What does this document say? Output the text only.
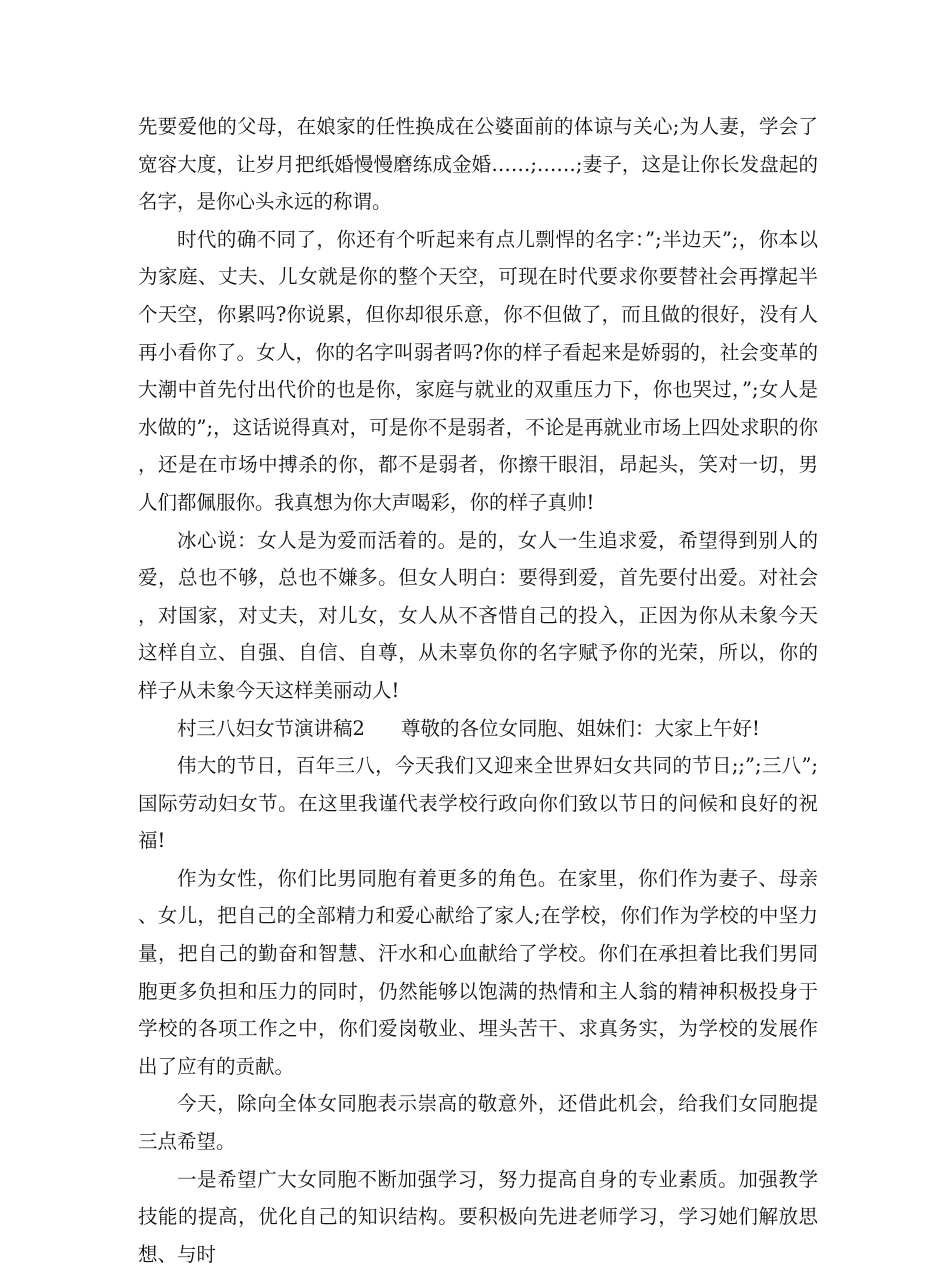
先要爱他的父母，在娘家的任性换成在公婆面前的体谅与关心;为人妻，学会了宽容大度，让岁月把纸婚慢慢磨练成金婚……;……;妻子，这是让你长发盘起的名字，是你心头永远的称谓。

时代的确不同了，你还有个听起来有点儿剽悍的名字：”;半边天”;，你本以为家庭、丈夫、儿女就是你的整个天空，可现在时代要求你要替社会再撑起半个天空，你累吗?你说累，但你却很乐意，你不但做了，而且做的很好，没有人再小看你了。女人，你的名字叫弱者吗?你的样子看起来是娇弱的，社会变革的大潮中首先付出代价的也是你，家庭与就业的双重压力下，你也哭过，”;女人是水做的”;，这话说得真对，可是你不是弱者，不论是再就业市场上四处求职的你，还是在市场中搏杀的你，都不是弱者，你擦干眼泪，昂起头，笑对一切，男人们都佩服你。我真想为你大声喝彩，你的样子真帅!

冰心说：女人是为爱而活着的。是的，女人一生追求爱，希望得到别人的爱，总也不够，总也不嫌多。但女人明白：要得到爱，首先要付出爱。对社会，对国家，对丈夫，对儿女，女人从不吝惜自己的投入，正因为你从未象今天这样自立、自强、自信、自尊，从未辜负你的名字赋予你的光荣，所以，你的样子从未象今天这样美丽动人!

村三八妇女节演讲稿2 尊敬的各位女同胞、姐妹们：大家上午好!

伟大的节日，百年三八，今天我们又迎来全世界妇女共同的节日;;”;三八”;国际劳动妇女节。在这里我谨代表学校行政向你们致以节日的问候和良好的祝福!

作为女性，你们比男同胞有着更多的角色。在家里，你们作为妻子、母亲、女儿，把自己的全部精力和爱心献给了家人;在学校，你们作为学校的中坚力量，把自己的勤奋和智慧、汗水和心血献给了学校。你们在承担着比我们男同胞更多负担和压力的同时，仍然能够以饱满的热情和主人翁的精神积极投身于学校的各项工作之中，你们爱岗敬业、埋头苦干、求真务实，为学校的发展作出了应有的贡献。

今天，除向全体女同胞表示崇高的敬意外，还借此机会，给我们女同胞提三点希望。

一是希望广大女同胞不断加强学习，努力提高自身的专业素质。加强教学技能的提高，优化自己的知识结构。要积极向先进老师学习，学习她们解放思想、与时
